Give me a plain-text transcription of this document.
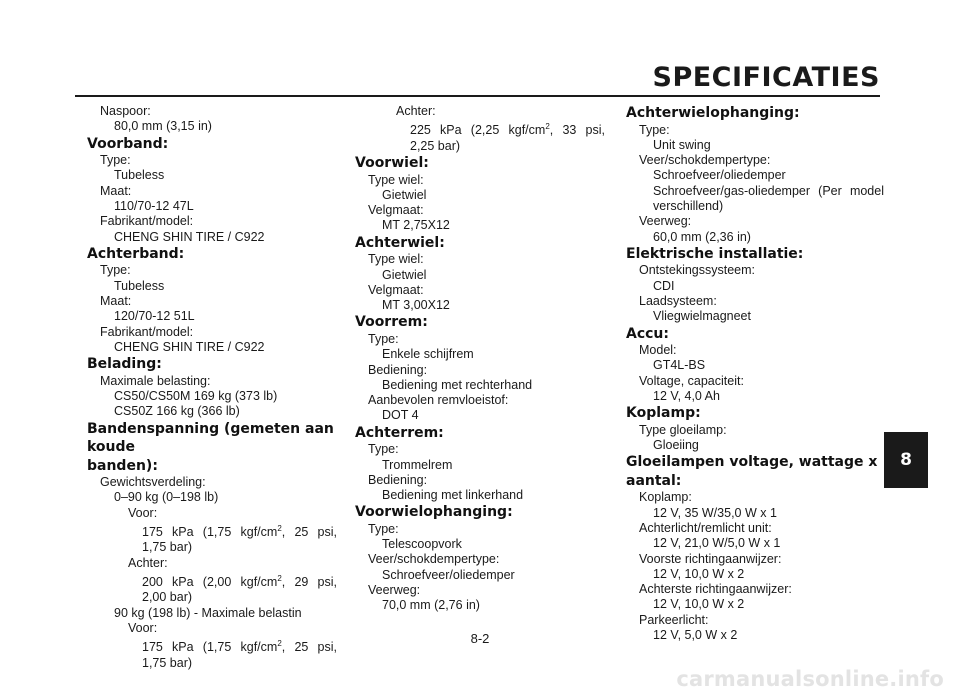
SPECIFICATIES
Naspoor:
80,0 mm (3,15 in)
Voorband:
Type:
Tubeless
Maat:
110/70-12 47L
Fabrikant/model:
CHENG SHIN TIRE / C922
Achterband:
Type:
Tubeless
Maat:
120/70-12 51L
Fabrikant/model:
CHENG SHIN TIRE / C922
Belading:
Maximale belasting:
CS50/CS50M 169 kg (373 lb)
CS50Z 166 kg (366 lb)
Bandenspanning (gemeten aan koude
banden):
Gewichtsverdeling:
0–90 kg (0–198 lb)
Voor:
175 kPa (1,75 kgf/$cm^2$, 25 psi,
1,75 bar)
Achter:
200 kPa (2,00 kgf/$cm^2$, 29 psi,
2,00 bar)
90 kg (198 lb) - Maximale belastin
Voor:
175 kPa (1,75 kgf/$cm^2$, 25 psi,
1,75 bar)
Achter:
225 kPa (2,25 kgf/$cm^2$, 33 psi,
2,25 bar)
Voorwiel:
Type wiel:
Gietwiel
Velgmaat:
MT 2,75X12
Achterwiel:
Type wiel:
Gietwiel
Velgmaat:
MT 3,00X12
Voorrem:
Type:
Enkele schijfrem
Bediening:
Bediening met rechterhand
Aanbevolen remvloeistof:
DOT 4
Achterrem:
Type:
Trommelrem
Bediening:
Bediening met linkerhand
Voorwielophanging:
Type:
Telescoopvork
Veer/schokdempertype:
Schroefveer/oliedemper
Veerweg:
70,0 mm (2,76 in)
Achterwielophanging:
Type:
Unit swing
Veer/schokdempertype:
Schroefveer/oliedemper
Schroefveer/gas-oliedemper (Per model
verschillend)
Veerweg:
60,0 mm (2,36 in)
Elektrische installatie:
Ontstekingssysteem:
CDI
Laadsysteem:
Vliegwielmagneet
Accu:
Model:
GT4L-BS
Voltage, capaciteit:
12 V, 4,0 Ah
Koplamp:
Type gloeilamp:
Gloeiing
Gloeilampen voltage, wattage x aantal:
Koplamp:
12 V, 35 W/35,0 W x 1
Achterlicht/remlicht unit:
12 V, 21,0 W/5,0 W x 1
Voorste richtingaanwijzer:
12 V, 10,0 W x 2
Achterste richtingaanwijzer:
12 V, 10,0 W x 2
Parkeerlicht:
12 V, 5,0 W x 2
8
8-2
carmanualsonline.info
